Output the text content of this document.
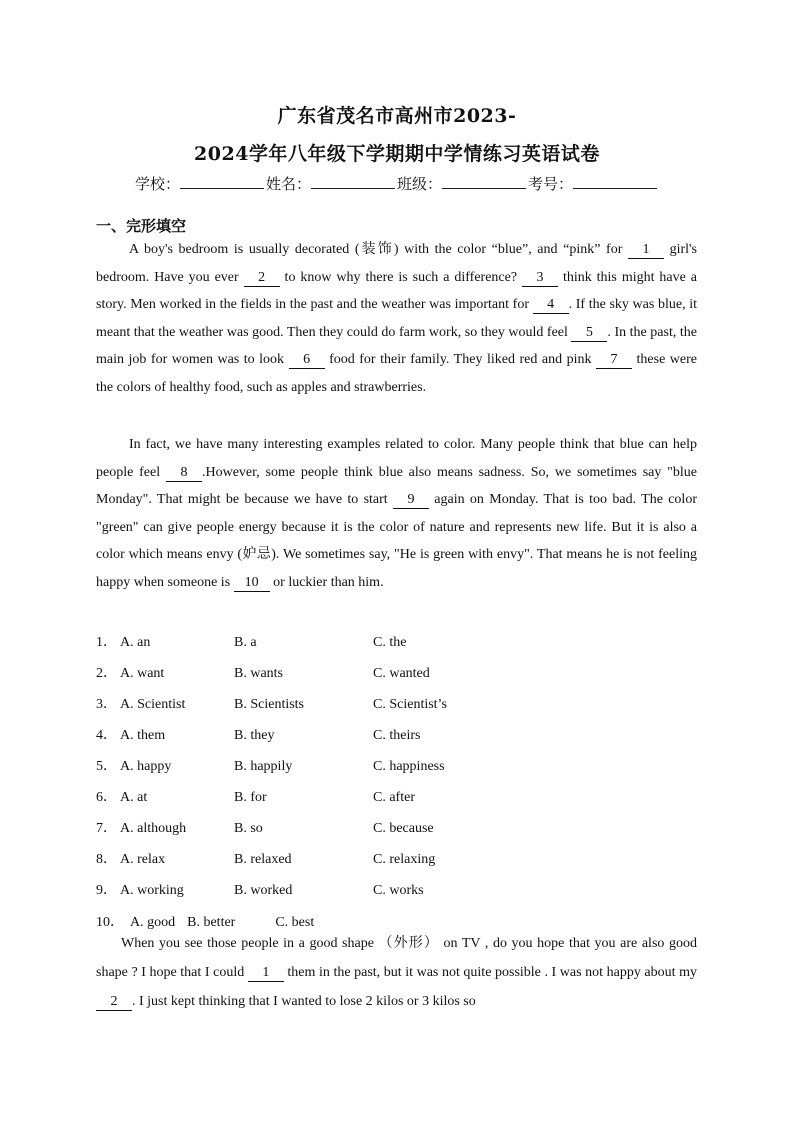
广东省茂名市高州市2023-
2024学年八年级下学期期中学情练习英语试卷
学校：	姓名：	班级：	考号：
一、完形填空
A boy's bedroom is usually decorated (装饰) with the color “blue”, and “pink” for 1 girl's bedroom. Have you ever 2 to know why there is such a difference? 3 think this might have a story. Men worked in the fields in the past and the weather was important for 4 . If the sky was blue, it meant that the weather was good. Then they could do farm work, so they would feel 5 . In the past, the main job for women was to look 6 food for their family. They liked red and pink 7 these were the colors of healthy food, such as apples and strawberries.
In fact, we have many interesting examples related to color. Many people think that blue can help people feel 8 .However, some people think blue also means sadness. So, we sometimes say "blue Monday". That might be because we have to start 9 again on Monday. That is too bad. The color "green" can give people energy because it is the color of nature and represents new life. But it is also a color which means envy (妒忌). We sometimes say, "He is green with envy". That means he is not feeling happy when someone is 10 or luckier than him.
1． A. an	B. a	C. the
2． A. want	B. wants	C. wanted
3． A. Scientist	B. Scientists	C. Scientist’s
4． A. them	B. they	C. theirs
5． A. happy	B. happily	C. happiness
6． A. at	B. for	C. after
7． A. although	B. so	C. because
8． A. relax	B. relaxed	C. relaxing
9． A. working	B. worked	C. works
10． A. good B. better	C. best
When you see those people in a good shape （外形） on TV , do you hope that you are also good shape ? I hope that I could 1 them in the past, but it was not quite possible . I was not happy about my 2 . I just kept thinking that I wanted to lose 2 kilos or 3 kilos so
